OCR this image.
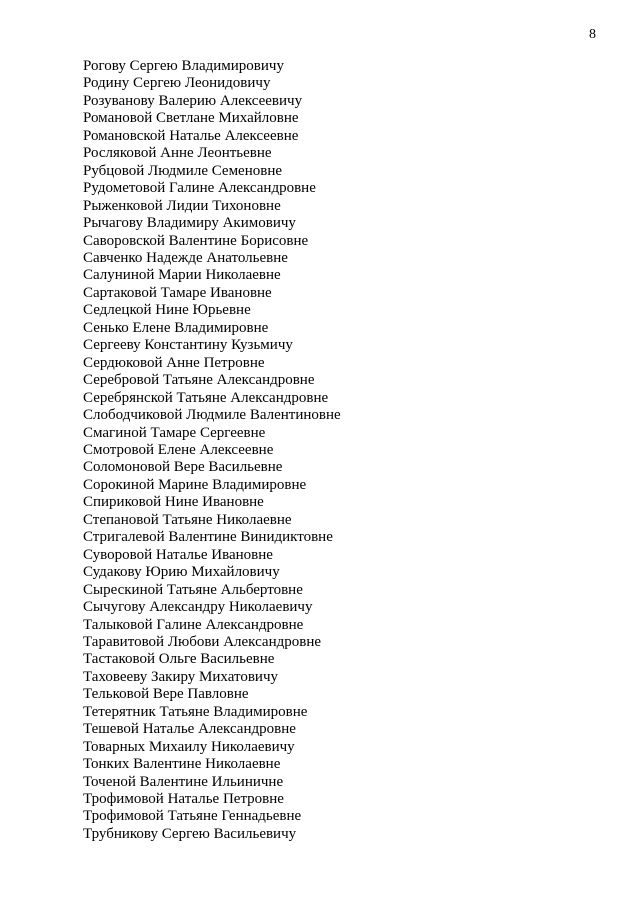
8
Рогову Сергею Владимировичу
Родину Сергею Леонидовичу
Розуванову Валерию Алексеевичу
Романовой Светлане Михайловне
Романовской Наталье Алексеевне
Росляковой Анне Леонтьевне
Рубцовой Людмиле Семеновне
Рудометовой Галине Александровне
Рыженковой Лидии Тихоновне
Рычагову Владимиру Акимовичу
Саворовской Валентине Борисовне
Савченко Надежде Анатольевне
Салуниной Марии Николаевне
Сартаковой Тамаре Ивановне
Седлецкой Нине Юрьевне
Сенько Елене Владимировне
Сергееву Константину Кузьмичу
Сердюковой Анне Петровне
Серебровой Татьяне Александровне
Серебрянской Татьяне Александровне
Слободчиковой Людмиле Валентиновне
Смагиной Тамаре Сергеевне
Смотровой Елене Алексеевне
Соломоновой Вере Васильевне
Сорокиной Марине Владимировне
Спириковой Нине Ивановне
Степановой Татьяне Николаевне
Стригалевой Валентине Винидиктовне
Суворовой Наталье Ивановне
Судакову Юрию Михайловичу
Сырескиной Татьяне Альбертовне
Сычугову Александру Николаевичу
Талыковой Галине Александровне
Таравитовой Любови Александровне
Тастаковой Ольге Васильевне
Таховееву Закиру Михатовичу
Тельковой Вере Павловне
Тетерятник Татьяне Владимировне
Тешевой Наталье Александровне
Товарных Михаилу Николаевичу
Тонких Валентине Николаевне
Точеной Валентине Ильиничне
Трофимовой Наталье Петровне
Трофимовой Татьяне Геннадьевне
Трубникову Сергею Васильевичу
